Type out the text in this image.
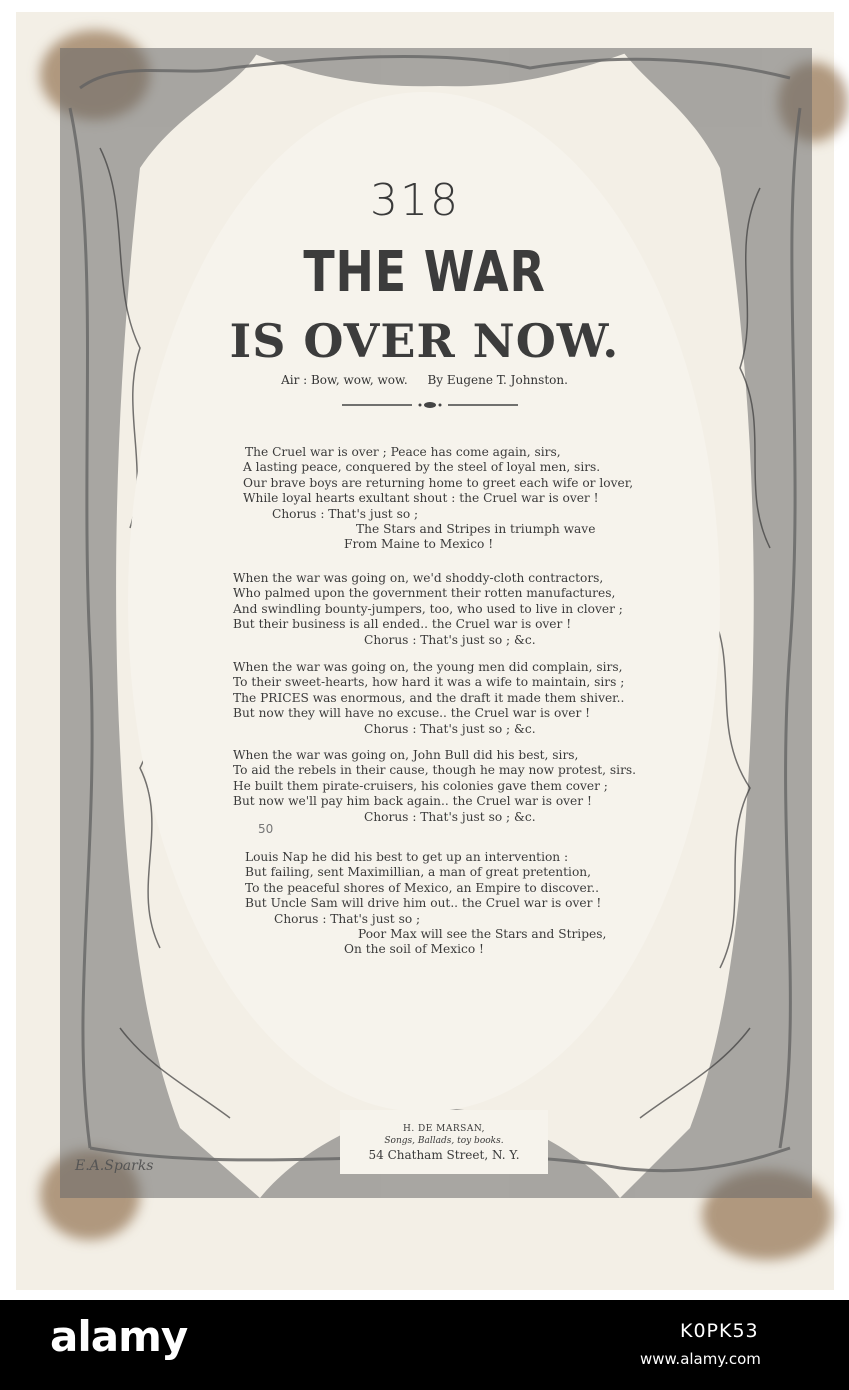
318
THE WAR
IS OVER NOW.
Air : Bow, wow, wow. By Eugene T. Johnston.
The Cruel war is over ; Peace has come again, sirs,
A lasting peace, conquered by the steel of loyal men, sirs.
Our brave boys are returning home to greet each wife or lover,
While loyal hearts exultant shout : the Cruel war is over !
Chorus : That's just so ;
The Stars and Stripes in triumph wave
From Maine to Mexico !
When the war was going on, we'd shoddy-cloth contractors,
Who palmed upon the government their rotten manufactures,
And swindling bounty-jumpers, too, who used to live in clover ;
But their business is all ended.. the Cruel war is over !
Chorus : That's just so ; &c.
When the war was going on, the young men did complain, sirs,
To their sweet-hearts, how hard it was a wife to maintain, sirs ;
The PRICES was enormous, and the draft it made them shiver..
But now they will have no excuse.. the Cruel war is over !
Chorus : That's just so ; &c.
When the war was going on, John Bull did his best, sirs,
To aid the rebels in their cause, though he may now protest, sirs.
He built them pirate-cruisers, his colonies gave them cover ;
But now we'll pay him back again.. the Cruel war is over !
Chorus : That's just so ; &c.
Louis Nap he did his best to get up an intervention :
But failing, sent Maximillian, a man of great pretention,
To the peaceful shores of Mexico, an Empire to discover..
But Uncle Sam will drive him out.. the Cruel war is over !
Chorus : That's just so ;
Poor Max will see the Stars and Stripes,
On the soil of Mexico !
50
H. DE MARSAN,
Songs, Ballads, toy books.
54 Chatham Street, N. Y.
E.A.Sparks
alamy	K0PK53
www.alamy.com
